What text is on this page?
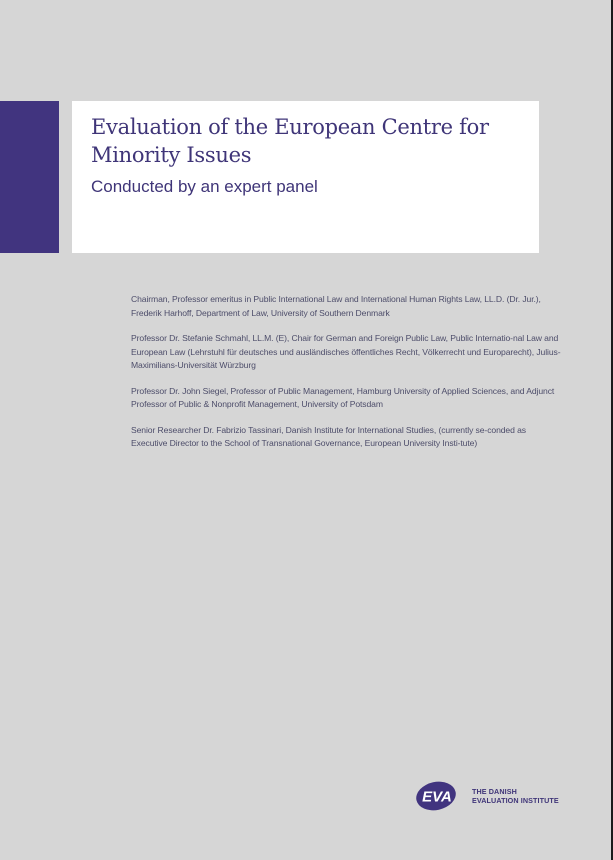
Evaluation of the European Centre for Minority Issues

Conducted by an expert panel

Chairman, Professor emeritus in Public International Law and International Human Rights Law, LL.D. (Dr. Jur.), Frederik Harhoff, Department of Law, University of Southern Denmark

Professor Dr. Stefanie Schmahl, LL.M. (E), Chair for German and Foreign Public Law, Public Internatio-nal Law and European Law (Lehrstuhl für deutsches und ausländisches öffentliches Recht, Völkerrecht und Europarecht), Julius-Maximilians-Universität Würzburg

Professor Dr. John Siegel, Professor of Public Management, Hamburg University of Applied Sciences, and Adjunct Professor of Public & Nonprofit Management, University of Potsdam

Senior Researcher Dr. Fabrizio Tassinari, Danish Institute for International Studies, (currently se-conded as Executive Director to the School of Transnational Governance, European University Insti-tute)

EVA	THE DANISH
EVALUATION INSTITUTE
